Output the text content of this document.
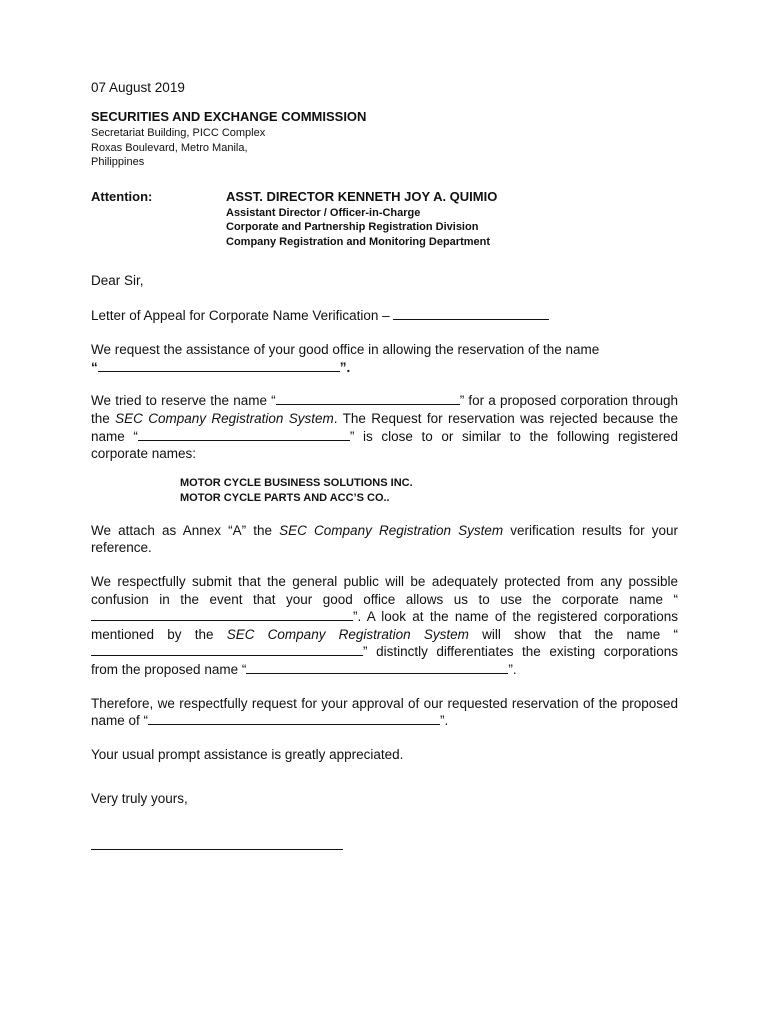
07 August 2019
SECURITIES AND EXCHANGE COMMISSION
Secretariat Building, PICC Complex
Roxas Boulevard, Metro Manila,
Philippines
Attention:	ASST. DIRECTOR KENNETH JOY A. QUIMIO
Assistant Director / Officer-in-Charge
Corporate and Partnership Registration Division
Company Registration and Monitoring Department
Dear Sir,
Letter of Appeal for Corporate Name Verification –
We request the assistance of your good office in allowing the reservation of the name
“	”.
We tried to reserve the name “	” for a proposed corporation through the SEC Company Registration System. The Request for reservation was rejected because the name “	” is close to or similar to the following registered corporate names:
MOTOR CYCLE BUSINESS SOLUTIONS INC.
MOTOR CYCLE PARTS AND ACC’S CO..
We attach as Annex “A” the SEC Company Registration System verification results for your reference.
We respectfully submit that the general public will be adequately protected from any possible confusion in the event that your good office allows us to use the corporate name “”. A look at the name of the registered corporations mentioned by the SEC Company Registration System will show that the name “” distinctly differentiates the existing corporations from the proposed name “	”.
Therefore, we respectfully request for your approval of our requested reservation of the proposed name of “	”.
Your usual prompt assistance is greatly appreciated.
Very truly yours,
